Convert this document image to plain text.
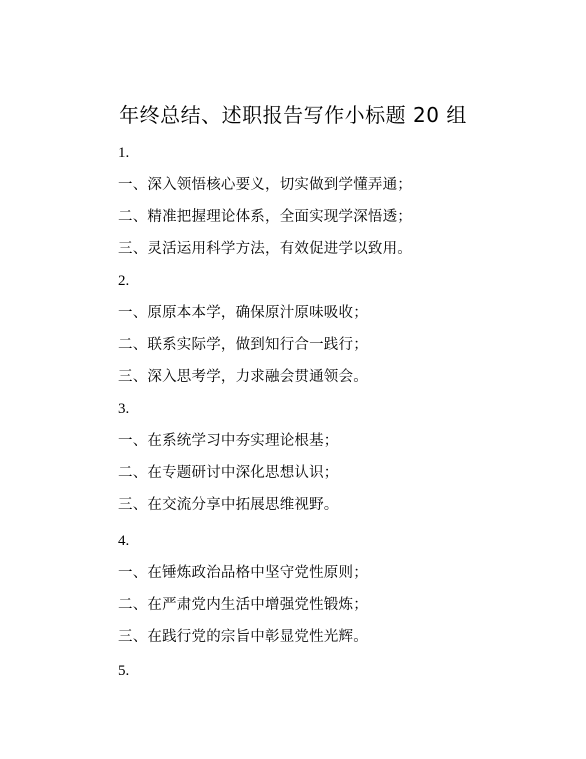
年终总结、述职报告写作小标题 20 组
1.
一、深入领悟核心要义，切实做到学懂弄通；
二、精准把握理论体系，全面实现学深悟透；
三、灵活运用科学方法，有效促进学以致用。
2.
一、原原本本学，确保原汁原味吸收；
二、联系实际学，做到知行合一践行；
三、深入思考学，力求融会贯通领会。
3.
一、在系统学习中夯实理论根基；
二、在专题研讨中深化思想认识；
三、在交流分享中拓展思维视野。
4.
一、在锤炼政治品格中坚守党性原则；
二、在严肃党内生活中增强党性锻炼；
三、在践行党的宗旨中彰显党性光辉。
5.
